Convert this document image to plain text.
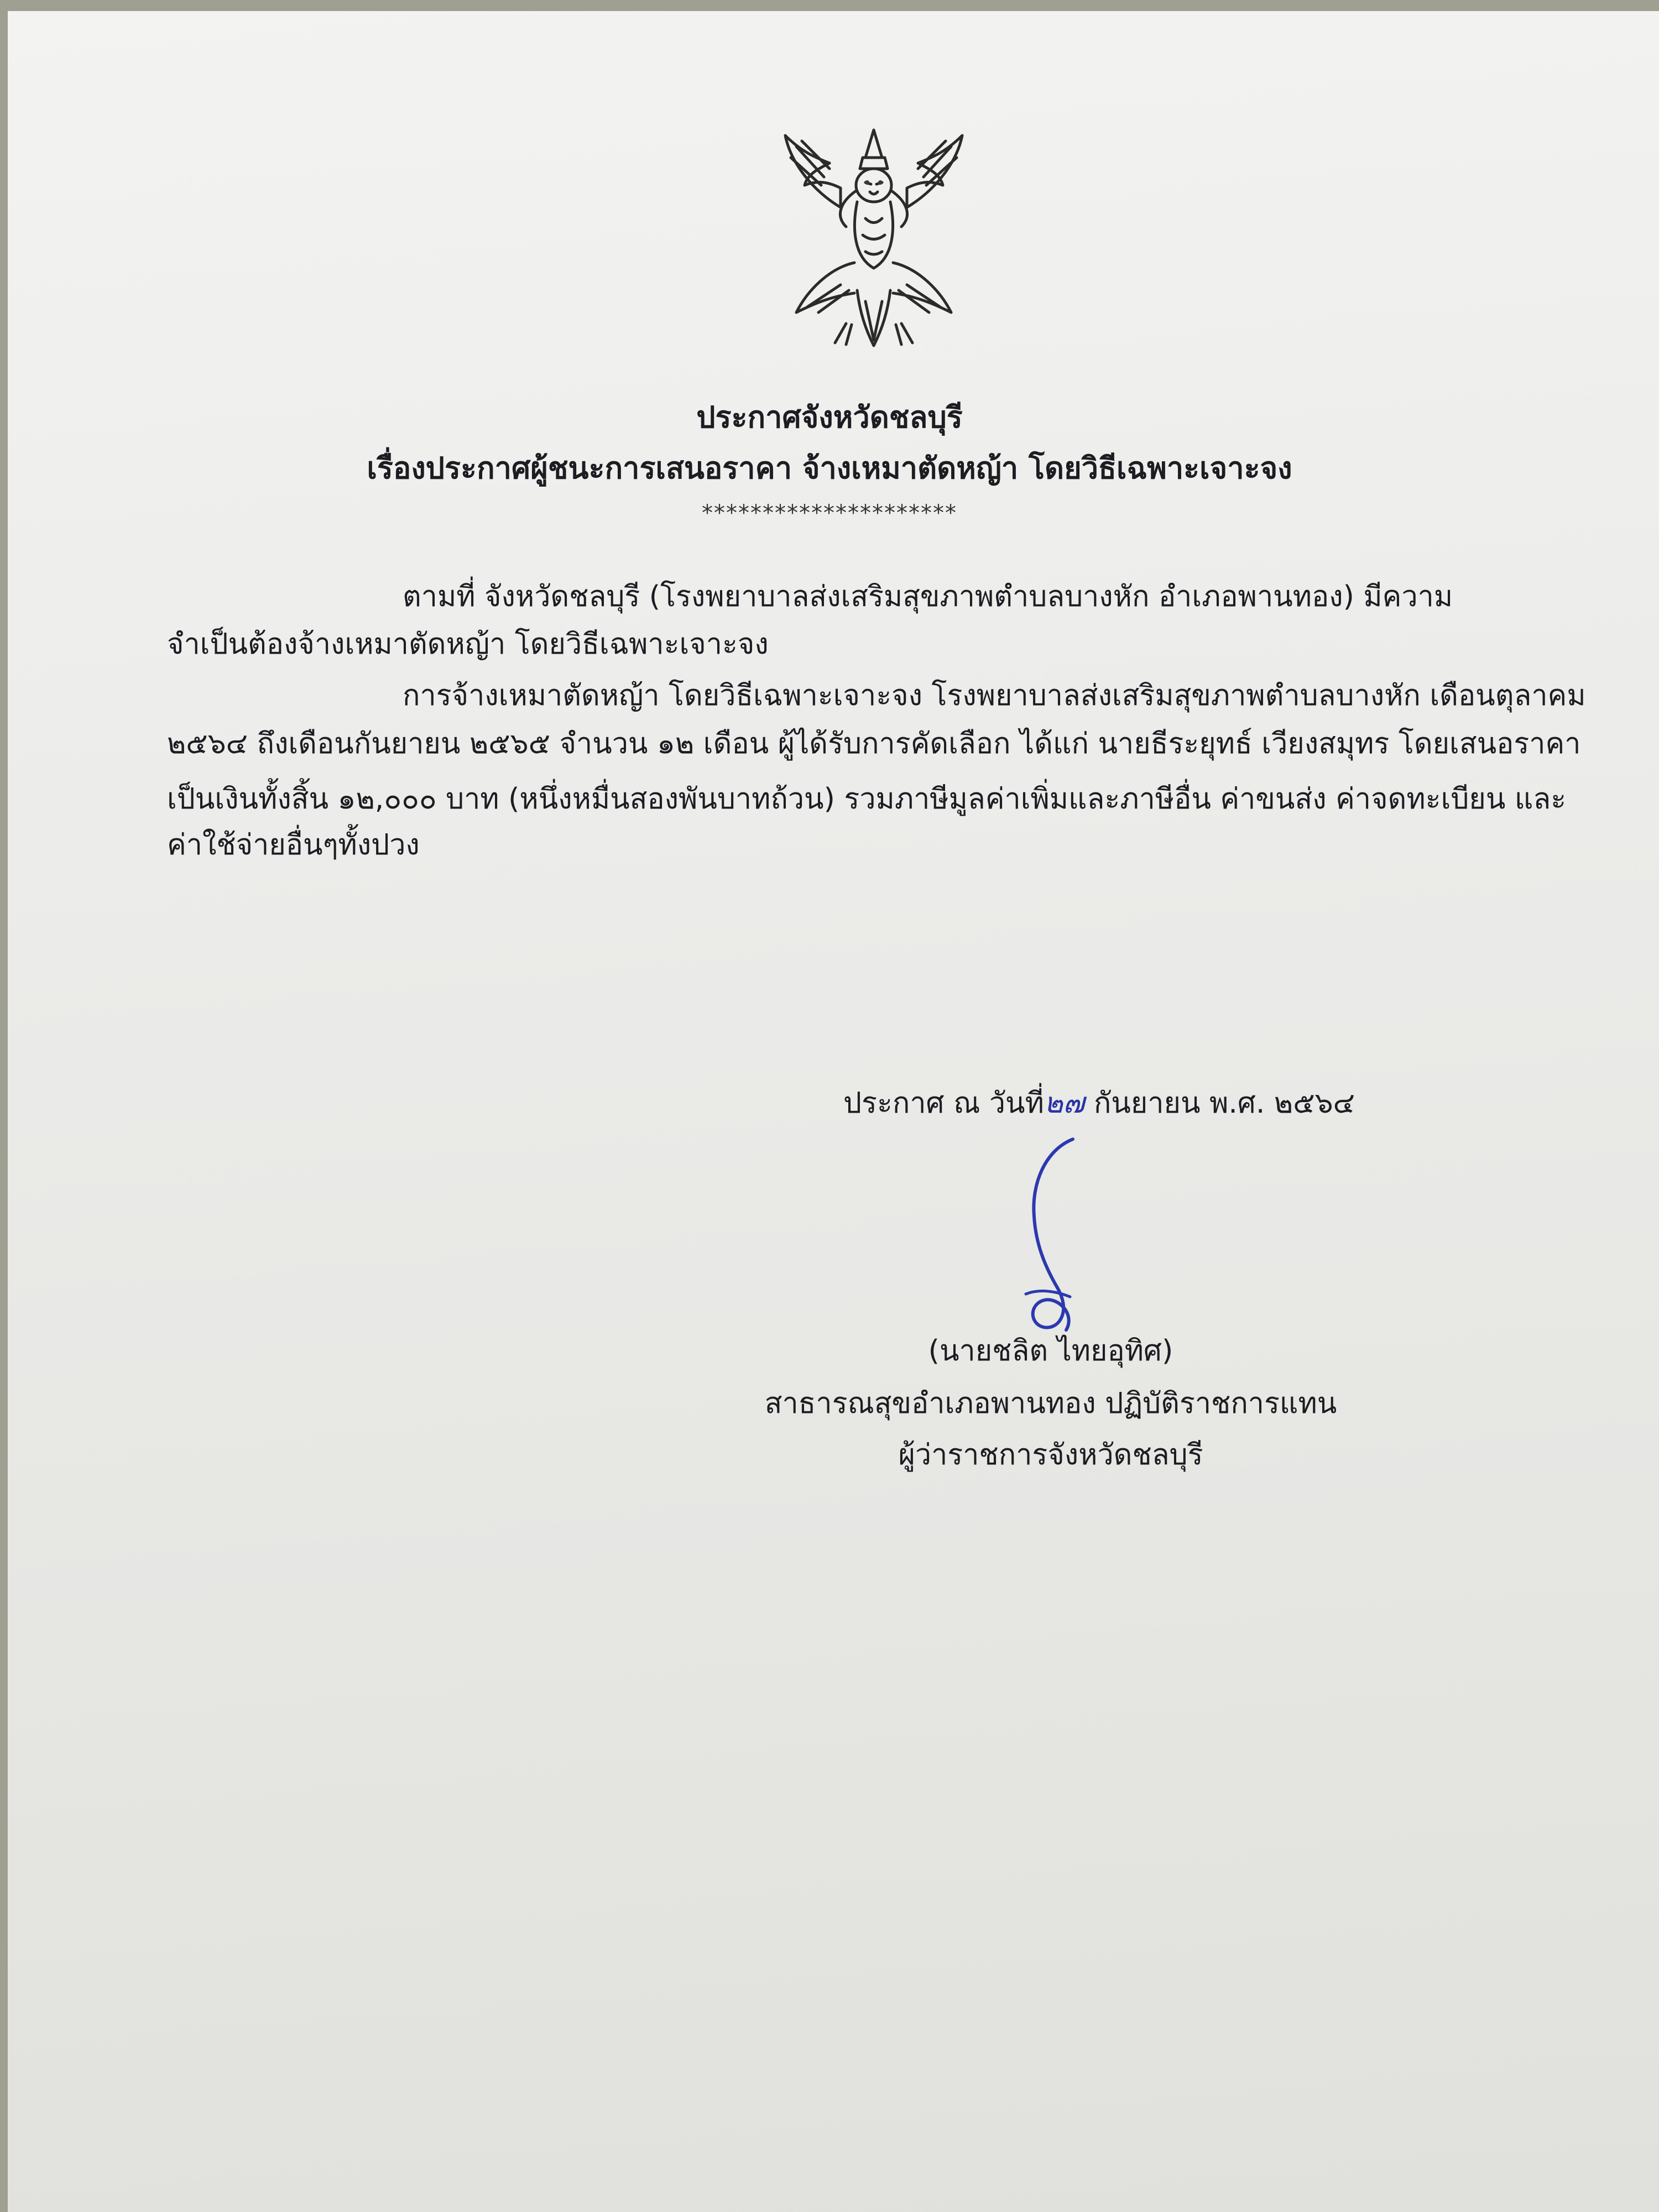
ประกาศจังหวัดชลบุรี
เรื่องประกาศผู้ชนะการเสนอราคา จ้างเหมาตัดหญ้า โดยวิธีเฉพาะเจาะจง
*********************
ตามที่ จังหวัดชลบุรี (โรงพยาบาลส่งเสริมสุขภาพตำบลบางหัก อำเภอพานทอง) มีความ
จำเป็นต้องจ้างเหมาตัดหญ้า โดยวิธีเฉพาะเจาะจง
การจ้างเหมาตัดหญ้า โดยวิธีเฉพาะเจาะจง โรงพยาบาลส่งเสริมสุขภาพตำบลบางหัก เดือนตุลาคม
๒๕๖๔ ถึงเดือนกันยายน ๒๕๖๕ จำนวน ๑๒ เดือน ผู้ได้รับการคัดเลือก ได้แก่ นายธีระยุทธ์ เวียงสมุทร โดยเสนอราคา
เป็นเงินทั้งสิ้น ๑๒,๐๐๐ บาท (หนึ่งหมื่นสองพันบาทถ้วน) รวมภาษีมูลค่าเพิ่มและภาษีอื่น ค่าขนส่ง ค่าจดทะเบียน และ
ค่าใช้จ่ายอื่นๆทั้งปวง
ประกาศ ณ วันที่๒๗ กันยายน พ.ศ. ๒๕๖๔
(นายชลิต ไทยอุทิศ)
สาธารณสุขอำเภอพานทอง ปฏิบัติราชการแทน
ผู้ว่าราชการจังหวัดชลบุรี
